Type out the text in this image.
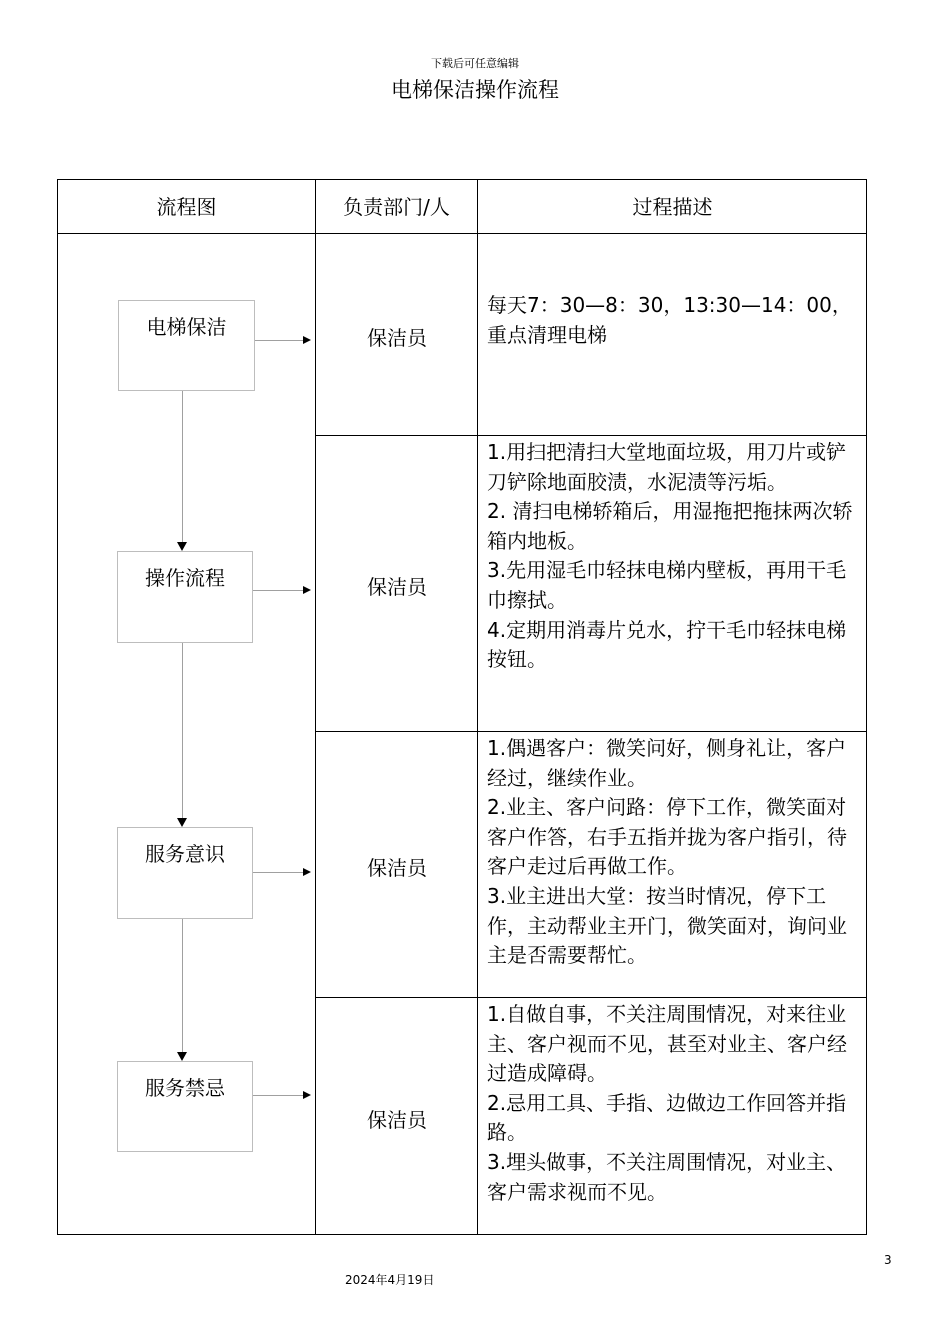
下载后可任意编辑
电梯保洁操作流程
流程图	负责部门/人	过程描述
电梯保洁
操作流程
服务意识
服务禁忌
保洁员
保洁员
保洁员
保洁员
每天7：30—8：30，13:30—14：00，
重点清理电梯
1.用扫把清扫大堂地面垃圾，用刀片或铲刀铲除地面胶渍，水泥渍等污垢。
2. 清扫电梯轿箱后，用湿拖把拖抹两次轿箱内地板。
3.先用湿毛巾轻抹电梯内壁板，再用干毛巾擦拭。
4.定期用消毒片兑水，拧干毛巾轻抹电梯按钮。
1.偶遇客户：微笑问好，侧身礼让，客户经过，继续作业。
2.业主、客户问路：停下工作，微笑面对客户作答，右手五指并拢为客户指引，待客户走过后再做工作。
3.业主进出大堂：按当时情况，停下工作，主动帮业主开门，微笑面对，询问业主是否需要帮忙。
1.自做自事，不关注周围情况，对来往业主、客户视而不见，甚至对业主、客户经过造成障碍。
2.忌用工具、手指、边做边工作回答并指路。
3.埋头做事，不关注周围情况，对业主、客户需求视而不见。
3
2024年4月19日
